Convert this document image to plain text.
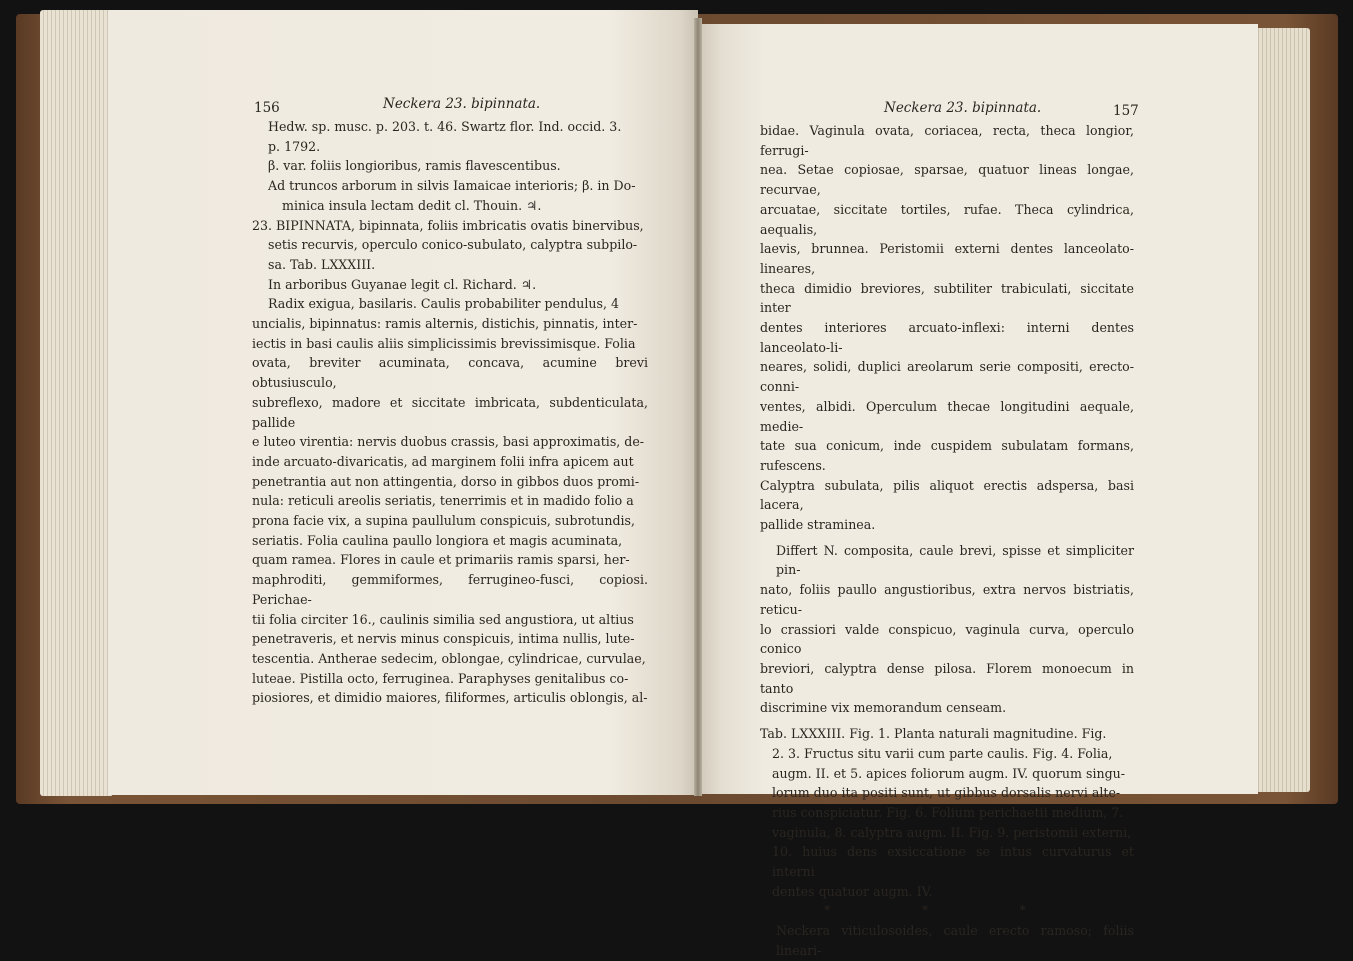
156	Neckera 23. bipinnata.

Hedw. sp. musc. p. 203. t. 46. Swartz flor. Ind. occid. 3.

p. 1792.

β. var. foliis longioribus, ramis flavescentibus.

Ad truncos arborum in silvis Iamaicae interioris; β. in Do-

minica insula lectam dedit cl. Thouin. ♃.

23. BIPINNATA, bipinnata, foliis imbricatis ovatis binervibus,

setis recurvis, operculo conico-subulato, calyptra subpilo-

sa. Tab. LXXXIII.

In arboribus Guyanae legit cl. Richard. ♃.

Radix exigua, basilaris. Caulis probabiliter pendulus, 4

uncialis, bipinnatus: ramis alternis, distichis, pinnatis, inter-

iectis in basi caulis aliis simplicissimis brevissimisque. Folia

ovata, breviter acuminata, concava, acumine brevi obtusiusculo,

subreflexo, madore et siccitate imbricata, subdenticulata, pallide

e luteo virentia: nervis duobus crassis, basi approximatis, de-

inde arcuato-divaricatis, ad marginem folii infra apicem aut

penetrantia aut non attingentia, dorso in gibbos duos promi-

nula: reticuli areolis seriatis, tenerrimis et in madido folio a

prona facie vix, a supina paullulum conspicuis, subrotundis,

seriatis. Folia caulina paullo longiora et magis acuminata,

quam ramea. Flores in caule et primariis ramis sparsi, her-

maphroditi, gemmiformes, ferrugineo-fusci, copiosi. Perichae-

tii folia circiter 16., caulinis similia sed angustiora, ut altius

penetraveris, et nervis minus conspicuis, intima nullis, lute-

tescentia. Antherae sedecim, oblongae, cylindricae, curvulae,

luteae. Pistilla octo, ferruginea. Paraphyses genitalibus co-

piosiores, et dimidio maiores, filiformes, articulis oblongis, al-

Neckera 23. bipinnata.	157

bidae. Vaginula ovata, coriacea, recta, theca longior, ferrugi-

nea. Setae copiosae, sparsae, quatuor lineas longae, recurvae,

arcuatae, siccitate tortiles, rufae. Theca cylindrica, aequalis,

laevis, brunnea. Peristomii externi dentes lanceolato-lineares,

theca dimidio breviores, subtiliter trabiculati, siccitate inter

dentes interiores arcuato-inflexi: interni dentes lanceolato-li-

neares, solidi, duplici areolarum serie compositi, erecto-conni-

ventes, albidi. Operculum thecae longitudini aequale, medie-

tate sua conicum, inde cuspidem subulatam formans, rufescens.

Calyptra subulata, pilis aliquot erectis adspersa, basi lacera,

pallide straminea.

Differt N. composita, caule brevi, spisse et simpliciter pin-

nato, foliis paullo angustioribus, extra nervos bistriatis, reticu-

lo crassiori valde conspicuo, vaginula curva, operculo conico

breviori, calyptra dense pilosa. Florem monoecum in tanto

discrimine vix memorandum censeam.

Tab. LXXXIII. Fig. 1. Planta naturali magnitudine. Fig.

2. 3. Fructus situ varii cum parte caulis. Fig. 4. Folia,

augm. II. et 5. apices foliorum augm. IV. quorum singu-

lorum duo ita positi sunt, ut gibbus dorsalis nervi alte-

rius conspiciatur. Fig. 6. Folium perichaetii medium, 7.

vaginula, 8. calyptra augm. II. Fig. 9. peristomii externi,

10. huius dens exsiccatione se intus curvaturus et interni

dentes quatuor augm. IV.

* * *

Neckera viticulosoides, caule erecto ramoso; foliis lineari-
